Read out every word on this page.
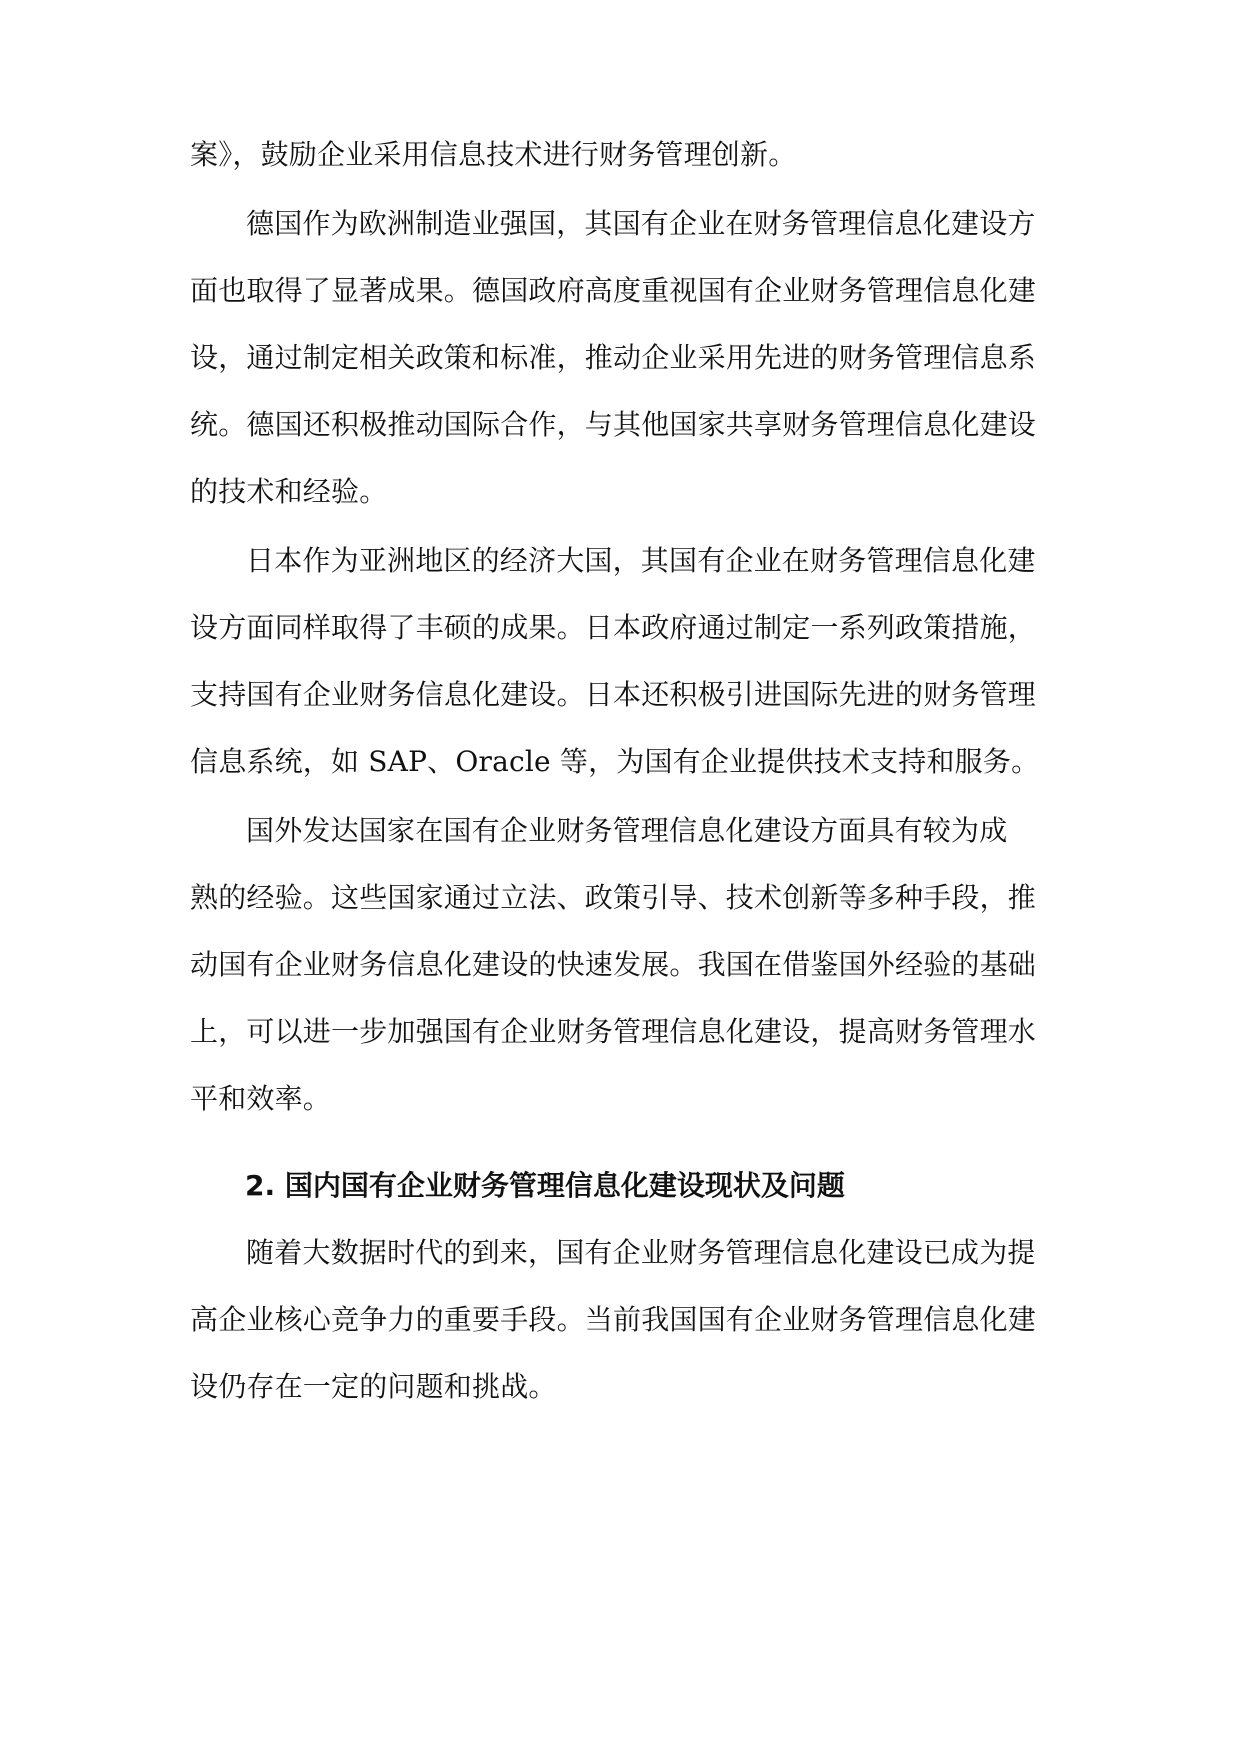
案》，鼓励企业采用信息技术进行财务管理创新。
德国作为欧洲制造业强国，其国有企业在财务管理信息化建设方
面也取得了显著成果。德国政府高度重视国有企业财务管理信息化建
设，通过制定相关政策和标准，推动企业采用先进的财务管理信息系
统。德国还积极推动国际合作，与其他国家共享财务管理信息化建设
的技术和经验。
日本作为亚洲地区的经济大国，其国有企业在财务管理信息化建
设方面同样取得了丰硕的成果。日本政府通过制定一系列政策措施，
支持国有企业财务信息化建设。日本还积极引进国际先进的财务管理
信息系统，如 SAP、Oracle 等，为国有企业提供技术支持和服务。
国外发达国家在国有企业财务管理信息化建设方面具有较为成
熟的经验。这些国家通过立法、政策引导、技术创新等多种手段，推
动国有企业财务信息化建设的快速发展。我国在借鉴国外经验的基础
上，可以进一步加强国有企业财务管理信息化建设，提高财务管理水
平和效率。
2. 国内国有企业财务管理信息化建设现状及问题
随着大数据时代的到来，国有企业财务管理信息化建设已成为提
高企业核心竞争力的重要手段。当前我国国有企业财务管理信息化建
设仍存在一定的问题和挑战。
